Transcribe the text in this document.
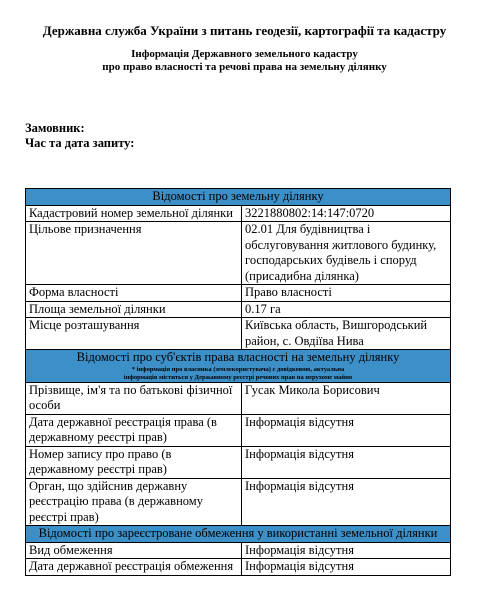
Державна служба України з питань геодезії, картографії та кадастру
Інформація Державного земельного кадастру
про право власності та речові права на земельну ділянку
Замовник:
Час та дата запиту:
Відомості про земельну ділянку	
Кадастровий номер земельної ділянки	3221880802:14:147:0720
Цільове призначення	02.01 Для будівництва і обслуговування житлового будинку, господарських будівель і споруд (присадибна ділянка)
Форма власності	Право власності
Площа земельної ділянки	0.17 га
Місце розташування	Київська область, Вишгородський район, с. Овдіїва Нива

Відомості про суб'єктів права власності на земельну ділянку
* інформація про власника (землекористувача) є довідковою, актуальна
інформація міститься у Державному реєстрі речових прав на нерухоме майно	

Прізвище, ім'я та по батькові фізичної особи	Гусак Микола Борисович
Дата державної реєстрація права (в державному реєстрі прав)	Інформація відсутня
Номер запису про право (в державному реєстрі прав)	Інформація відсутня
Орган, що здійснив державну реєстрацію права (в державному реєстрі прав)	Інформація відсутня
Відомості про зареєстроване обмеження у використанні земельної ділянки	
Вид обмеження	Інформація відсутня
Дата державної реєстрація обмеження	Інформація відсутня
